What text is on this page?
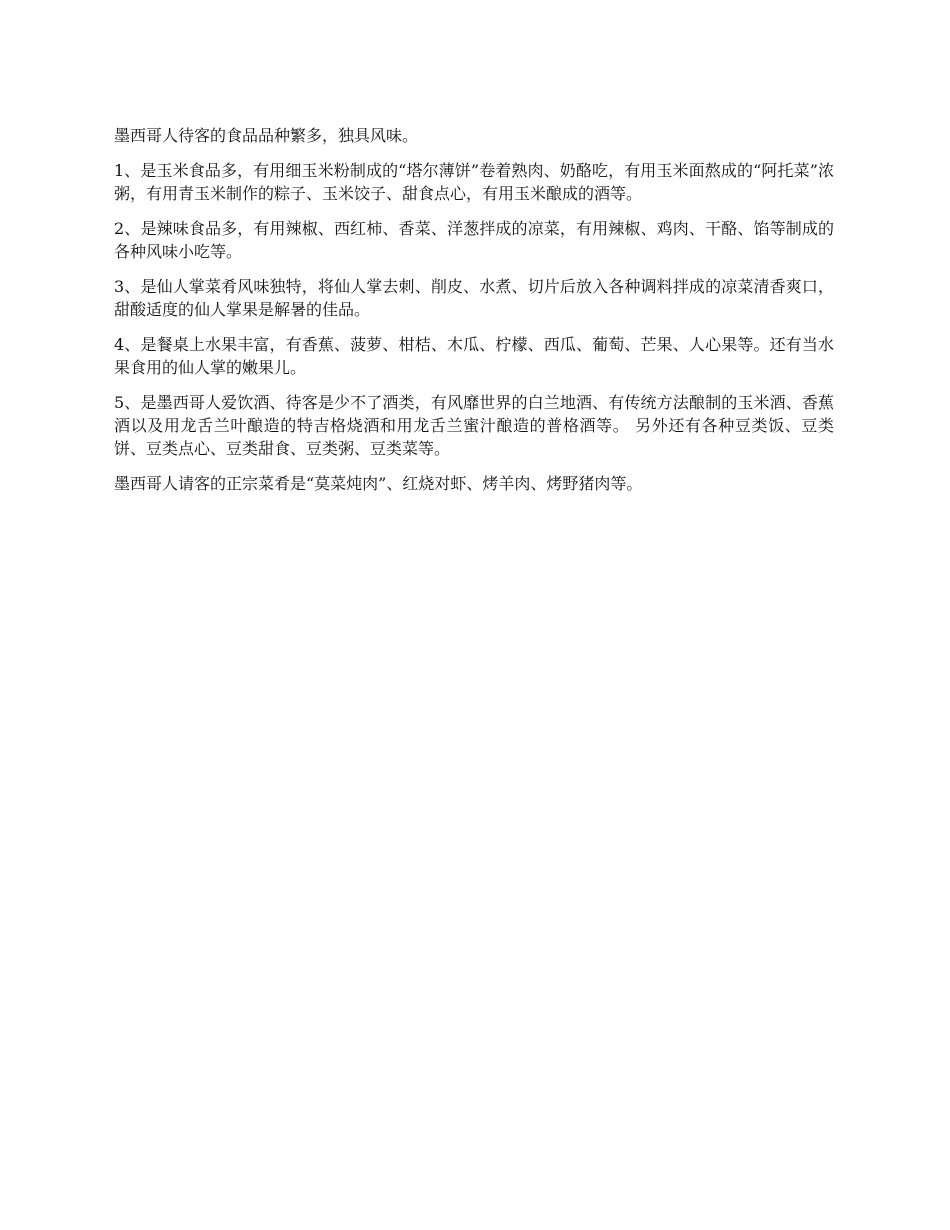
墨西哥人待客的食品品种繁多，独具风味。

1、是玉米食品多，有用细玉米粉制成的“塔尔薄饼”卷着熟肉、奶酪吃，有用玉米面熬成的“阿托菜”浓粥，有用青玉米制作的粽子、玉米饺子、甜食点心，有用玉米酿成的酒等。

2、是辣味食品多，有用辣椒、西红柿、香菜、洋葱拌成的凉菜，有用辣椒、鸡肉、干酪、馅等制成的各种风味小吃等。

3、是仙人掌菜肴风味独特，将仙人掌去刺、削皮、水煮、切片后放入各种调料拌成的凉菜清香爽口，甜酸适度的仙人掌果是解暑的佳品。

4、是餐桌上水果丰富，有香蕉、菠萝、柑桔、木瓜、柠檬、西瓜、葡萄、芒果、人心果等。还有当水果食用的仙人掌的嫩果儿。

5、是墨西哥人爱饮酒、待客是少不了酒类，有风靡世界的白兰地酒、有传统方法酿制的玉米酒、香蕉酒以及用龙舌兰叶酿造的特吉格烧酒和用龙舌兰蜜汁酿造的普格酒等。 另外还有各种豆类饭、豆类饼、豆类点心、豆类甜食、豆类粥、豆类菜等。

墨西哥人请客的正宗菜肴是“莫菜炖肉”、红烧对虾、烤羊肉、烤野猪肉等。
